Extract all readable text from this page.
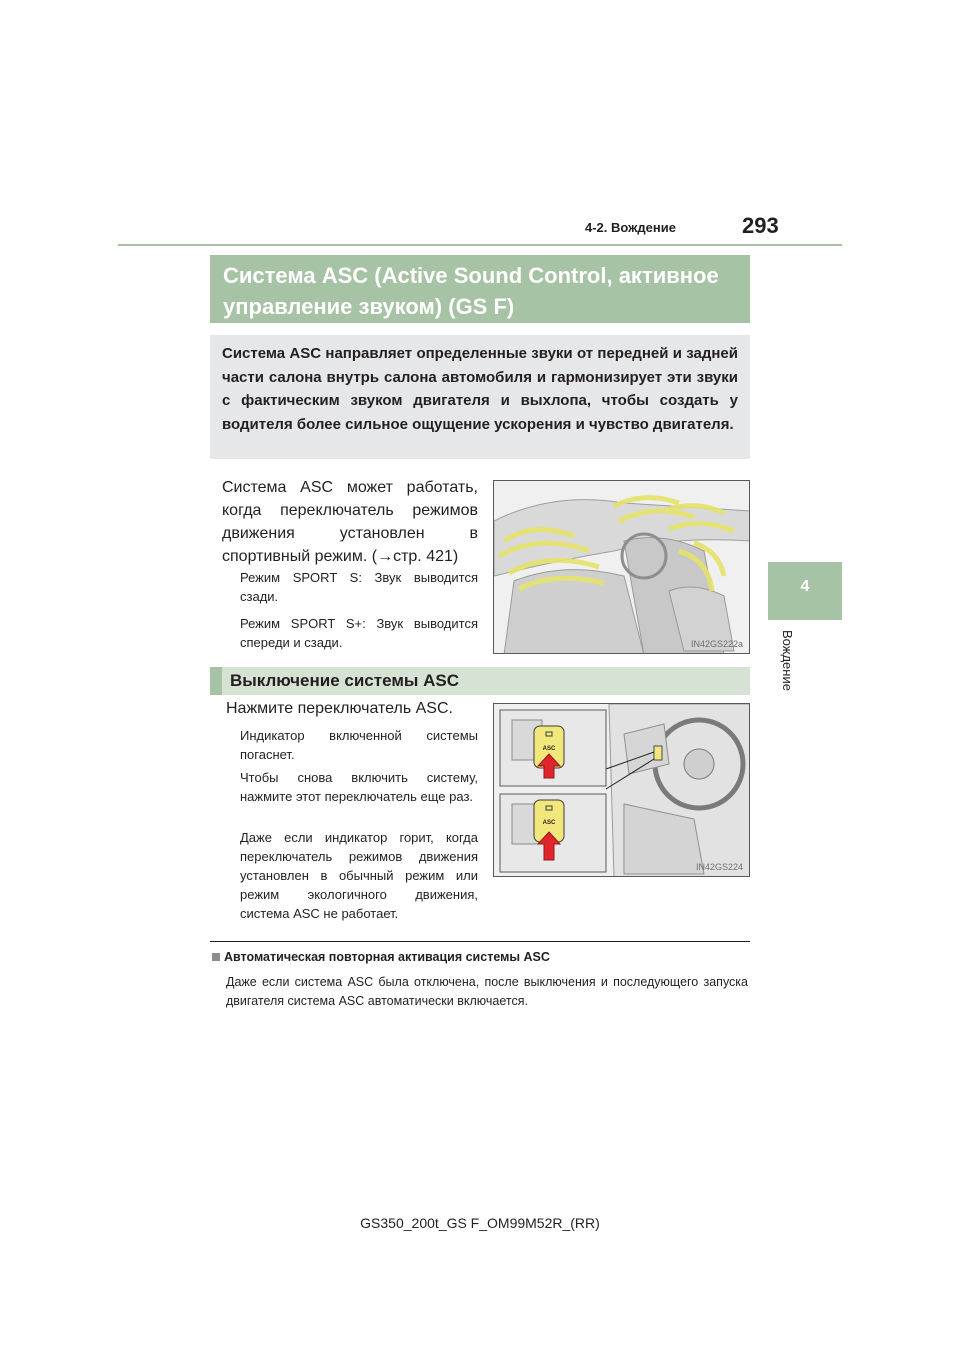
4-2. Вождение	293
4
Вождение
Система ASC (Active Sound Control, активное управление звуком) (GS F)

Система ASC направляет определенные звуки от передней и задней части салона внутрь салона автомобиля и гармонизирует эти звуки с фактическим звуком двигателя и выхлопа, чтобы создать у водителя более сильное ощущение ускорения и чувство двигателя.

Система ASC может работать, когда переключатель режимов движения установлен в спортивный режим. (→стр. 421)

Режим SPORT S: Звук выводится сзади.

Режим SPORT S+: Звук выводится спереди и сзади.	IN42GS222a
Выключение системы ASC
Нажмите переключатель ASC.

Индикатор включенной системы погаснет.

Чтобы снова включить систему, нажмите этот переключатель еще раз.

Даже если индикатор горит, когда переключатель режимов движения установлен в обычный режим или режим экологичного движения, система ASC не работает.

ASC
ASC
IN42GS224
Автоматическая повторная активация системы ASC
Даже если система ASC была отключена, после выключения и последующего запуска двигателя система ASC автоматически включается.
GS350_200t_GS F_OM99M52R_(RR)
